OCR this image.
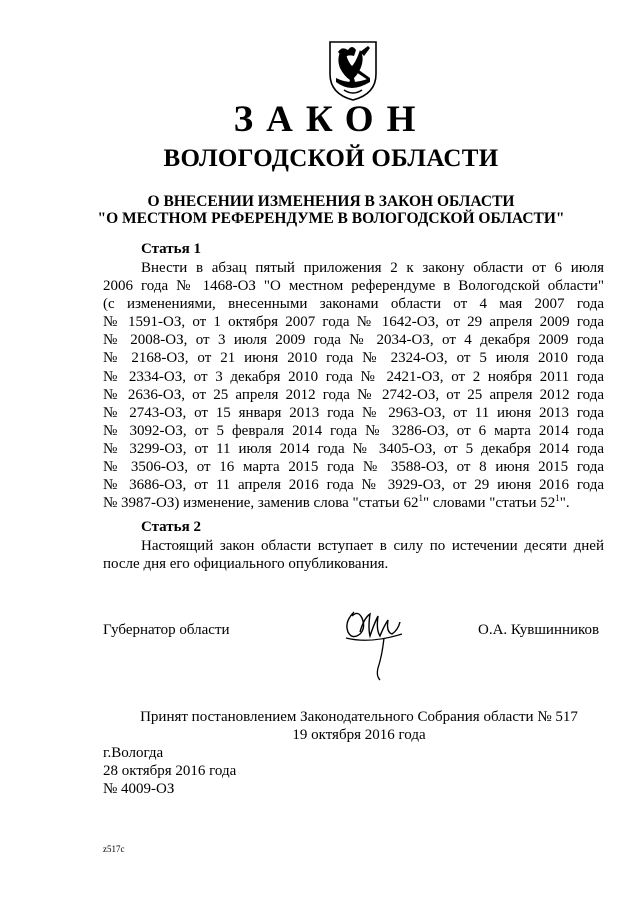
ЗАКОН
ВОЛОГОДСКОЙ ОБЛАСТИ
О ВНЕСЕНИИ ИЗМЕНЕНИЯ В ЗАКОН ОБЛАСТИ
"О МЕСТНОМ РЕФЕРЕНДУМЕ В ВОЛОГОДСКОЙ ОБЛАСТИ"
Статья 1
Внести в абзац пятый приложения 2 к закону области от 6 июля
2006 года № 1468-ОЗ "О местном референдуме в Вологодской области"
(с изменениями, внесенными законами области от 4 мая 2007 года
№ 1591-ОЗ, от 1 октября 2007 года № 1642-ОЗ, от 29 апреля 2009 года
№ 2008-ОЗ, от 3 июля 2009 года № 2034-ОЗ, от 4 декабря 2009 года
№ 2168-ОЗ, от 21 июня 2010 года № 2324-ОЗ, от 5 июля 2010 года
№ 2334-ОЗ, от 3 декабря 2010 года № 2421-ОЗ, от 2 ноября 2011 года
№ 2636-ОЗ, от 25 апреля 2012 года № 2742-ОЗ, от 25 апреля 2012 года
№ 2743-ОЗ, от 15 января 2013 года № 2963-ОЗ, от 11 июня 2013 года
№ 3092-ОЗ, от 5 февраля 2014 года № 3286-ОЗ, от 6 марта 2014 года
№ 3299-ОЗ, от 11 июля 2014 года № 3405-ОЗ, от 5 декабря 2014 года
№ 3506-ОЗ, от 16 марта 2015 года № 3588-ОЗ, от 8 июня 2015 года
№ 3686-ОЗ, от 11 апреля 2016 года № 3929-ОЗ, от 29 июня 2016 года
№ 3987-ОЗ) изменение, заменив слова "статьи $62^1$" словами "статьи $52^1$".
Статья 2
Настоящий закон области вступает в силу по истечении десяти дней
после дня его официального опубликования.
Губернатор области	О.А. Кувшинников
Принят постановлением Законодательного Собрания области № 517
19 октября 2016 года
г.Вологда
28 октября 2016 года
№ 4009-ОЗ
z517c
